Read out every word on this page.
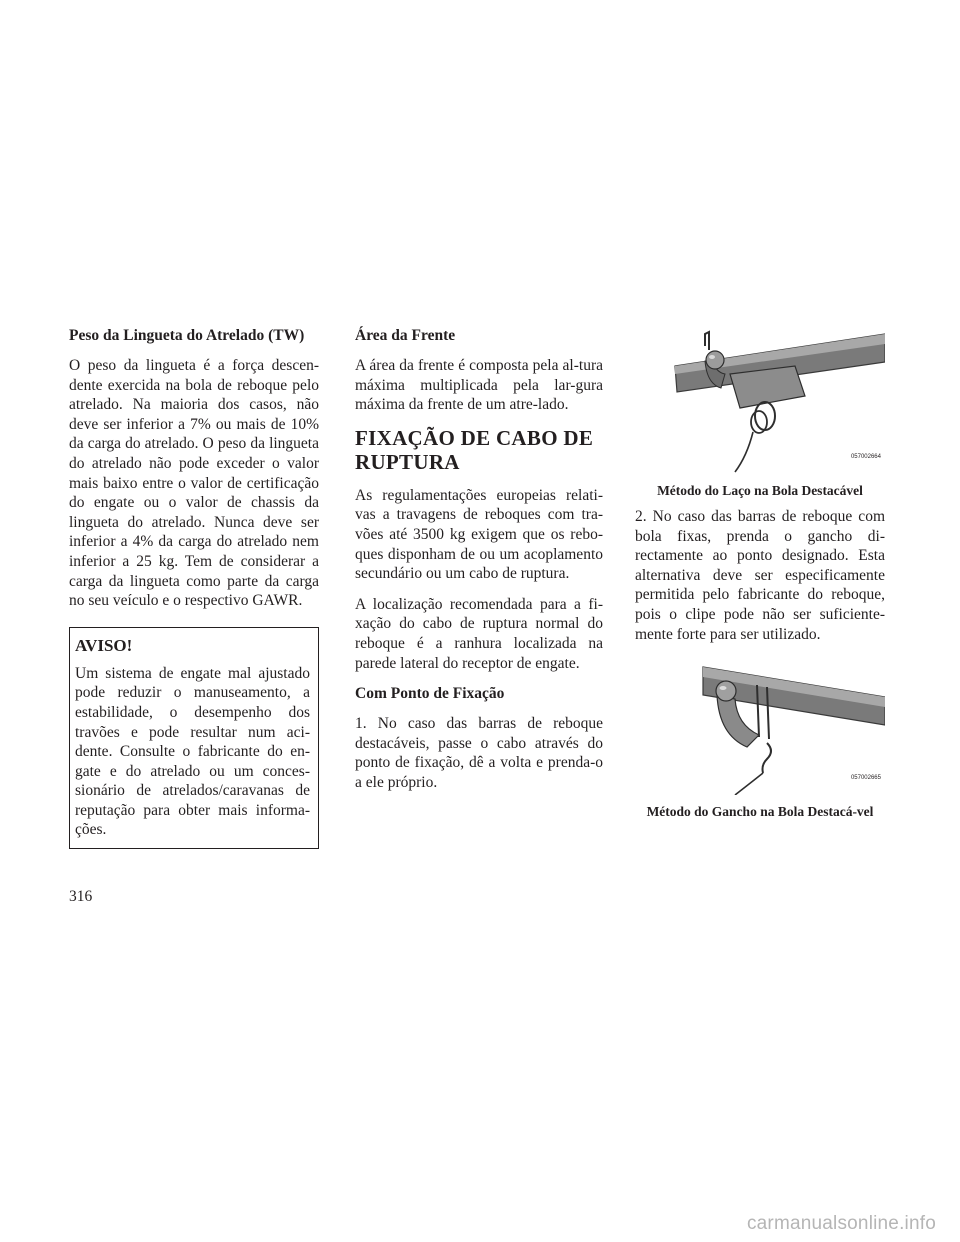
Peso da Lingueta do Atrelado (TW)

O peso da lingueta é a força descen-dente exercida na bola de reboque pelo atrelado. Na maioria dos casos, não deve ser inferior a 7% ou mais de 10% da carga do atrelado. O peso da lingueta do atrelado não pode exceder o valor mais baixo entre o valor de certificação do engate ou o valor de chassis da lingueta do atrelado. Nunca deve ser inferior a 4% da carga do atrelado nem inferior a 25 kg. Tem de considerar a carga da lingueta como parte da carga no seu veículo e o respectivo GAWR.

AVISO!

Um sistema de engate mal ajustado pode reduzir o manuseamento, a estabilidade, o desempenho dos travões e pode resultar num aci-dente. Consulte o fabricante do en-gate e do atrelado ou um conces-sionário de atrelados/caravanas de reputação para obter mais informa-ções.

Área da Frente

A área da frente é composta pela al-tura máxima multiplicada pela lar-gura máxima da frente de um atre-lado.

FIXAÇÃO DE CABO DE RUPTURA

As regulamentações europeias relati-vas a travagens de reboques com tra-vões até 3500 kg exigem que os rebo-ques disponham de ou um acoplamento secundário ou um cabo de ruptura.

A localização recomendada para a fi-xação do cabo de ruptura normal do reboque é a ranhura localizada na parede lateral do receptor de engate.

Com Ponto de Fixação

1. No caso das barras de reboque destacáveis, passe o cabo através do ponto de fixação, dê a volta e prenda-o a ele próprio.

057002664
Método do Laço na Bola Destacável

2. No caso das barras de reboque com bola fixas, prenda o gancho di-rectamente ao ponto designado. Esta alternativa deve ser especificamente permitida pelo fabricante do reboque, pois o clipe pode não ser suficiente-mente forte para ser utilizado.

057002665
Método do Gancho na Bola Destacá-vel
316
carmanualsonline.info
